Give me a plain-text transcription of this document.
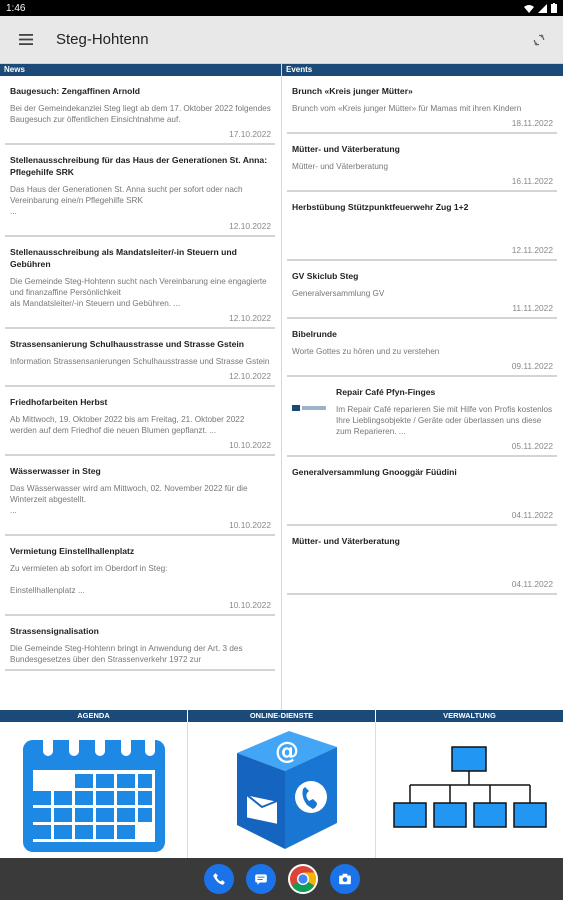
1:46
Steg-Hohtenn
News
Baugesuch: Zengaffinen Arnold
Bei der Gemeindekanzlei Steg liegt ab dem 17. Oktober 2022 folgendes Baugesuch zur öffentlichen Einsichtnahme auf.
17.10.2022
Stellenausschreibung für das Haus der Generationen St. Anna: Pflegehilfe SRK
Das Haus der Generationen St. Anna sucht per sofort oder nach Vereinbarung eine/n Pflegehilfe SRK
...
12.10.2022
Stellenausschreibung als Mandatsleiter/-in Steuern und Gebühren
Die Gemeinde Steg-Hohtenn sucht nach Vereinbarung eine engagierte und finanzaffine Persönlichkeit
als Mandatsleiter/-in Steuern und Gebühren. ...
12.10.2022
Strassensanierung Schulhausstrasse und Strasse Gstein
Information Strassensanierungen Schulhausstrasse und Strasse Gstein
12.10.2022
Friedhofarbeiten Herbst
Ab Mittwoch, 19. Oktober 2022 bis am Freitag, 21. Oktober 2022 werden auf dem Friedhof die neuen Blumen gepflanzt. ...
10.10.2022
Wässerwasser in Steg
Das Wässerwasser wird am Mittwoch, 02. November 2022 für die Winterzeit abgestellt.
...
10.10.2022
Vermietung Einstellhallenplatz
Zu vermieten ab sofort im Oberdorf in Steg:

Einstellhallenplatz ...
10.10.2022
Strassensignalisation
Die Gemeinde Steg-Hohtenn bringt in Anwendung der Art. 3 des Bundesgesetzes über den Strassenverkehr 1972 zur
Events
Brunch «Kreis junger Mütter»
Brunch vom «Kreis junger Mütter» für Mamas mit ihren Kindern
18.11.2022
Mütter- und Väterberatung
Mütter- und Väterberatung
16.11.2022
Herbstübung Stützpunktfeuerwehr Zug 1+2
12.11.2022
GV Skiclub Steg
Generalversammlung GV
11.11.2022
Bibelrunde
Worte Gottes zu hören und zu verstehen
09.11.2022
Repair Café Pfyn-Finges
Im Repair Café reparieren Sie mit Hilfe von Profis kostenlos Ihre Lieblingsobjekte / Geräte oder überlassen uns diese zum Reparieren. ...
05.11.2022
Generalversammlung Gnooggär Füüdini
04.11.2022
Mütter- und Väterberatung
04.11.2022
AGENDA	ONLINE-DIENSTE	VERWALTUNG
@
